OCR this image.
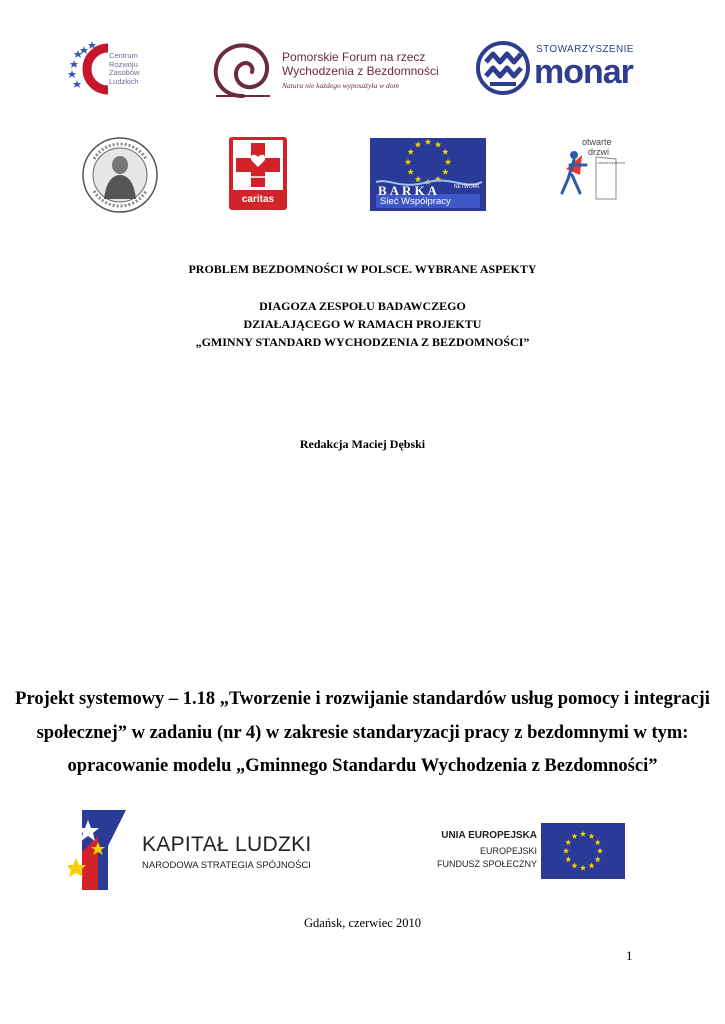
Centrum
Rozwoju
Zasobów
Ludzkich
Pomorskie Forum na rzecz
Wychodzenia z Bezdomności
Natura nie każdego wyposażyła w dom
STOWARZYSZENIE
monar
caritas
BARKA	NETWORK
Sieć Współpracy
otwarte
drzwi
stowarzyszenie
PROBLEM BEZDOMNOŚCI W POLSCE. WYBRANE ASPEKTY
DIAGOZA ZESPOŁU BADAWCZEGO
DZIAŁAJĄCEGO W RAMACH PROJEKTU
„GMINNY STANDARD WYCHODZENIA Z BEZDOMNOŚCI”
Redakcja Maciej Dębski
Projekt systemowy – 1.18 „Tworzenie i rozwijanie standardów usług pomocy i integracji
społecznej” w zadaniu (nr 4) w zakresie standaryzacji pracy z bezdomnymi w tym:
opracowanie modelu „Gminnego Standardu Wychodzenia z Bezdomności”
KAPITAŁ LUDZKI
NARODOWA STRATEGIA SPÓJNOŚCI
UNIA EUROPEJSKA
EUROPEJSKI
FUNDUSZ SPOŁECZNY
Gdańsk, czerwiec 2010
1
